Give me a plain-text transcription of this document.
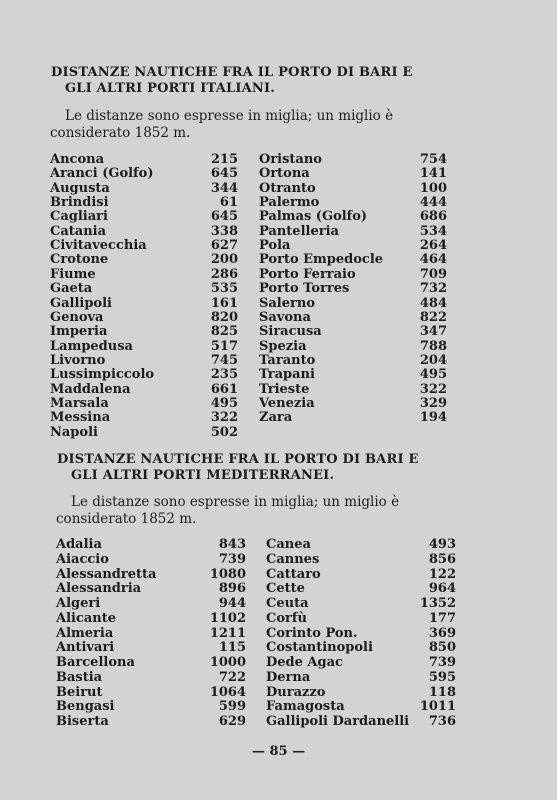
DISTANZE NAUTICHE FRA IL PORTO DI BARI E
GLI ALTRI PORTI ITALIANI.
Le distanze sono espresse in miglia; un miglio è
considerato 1852 m.
Ancona	215
Aranci (Golfo)	645
Augusta	344
Brindisi	61
Cagliari	645
Catania	338
Civitavecchia	627
Crotone	200
Fiume	286
Gaeta	535
Gallipoli	161
Genova	820
Imperia	825
Lampedusa	517
Livorno	745
Lussimpiccolo	235
Maddalena	661
Marsala	495
Messina	322
Napoli	502
Oristano	754
Ortona	141
Otranto	100
Palermo	444
Palmas (Golfo)	686
Pantelleria	534
Pola	264
Porto Empedocle	464
Porto Ferraio	709
Porto Torres	732
Salerno	484
Savona	822
Siracusa	347
Spezia	788
Taranto	204
Trapani	495
Trieste	322
Venezia	329
Zara	194
DISTANZE NAUTICHE FRA IL PORTO DI BARI E
GLI ALTRI PORTI MEDITERRANEI.
Le distanze sono espresse in miglia; un miglio è
considerato 1852 m.
Adalia	843
Aiaccio	739
Alessandretta	1080
Alessandria	896
Algeri	944
Alicante	1102
Almeria	1211
Antivari	115
Barcellona	1000
Bastia	722
Beirut	1064
Bengasi	599
Biserta	629
Canea	493
Cannes	856
Cattaro	122
Cette	964
Ceuta	1352
Corfù	177
Corinto Pon.	369
Costantinopoli	850
Dede Agac	739
Derna	595
Durazzo	118
Famagosta	1011
Gallipoli Dardanelli 736
— 85 —
